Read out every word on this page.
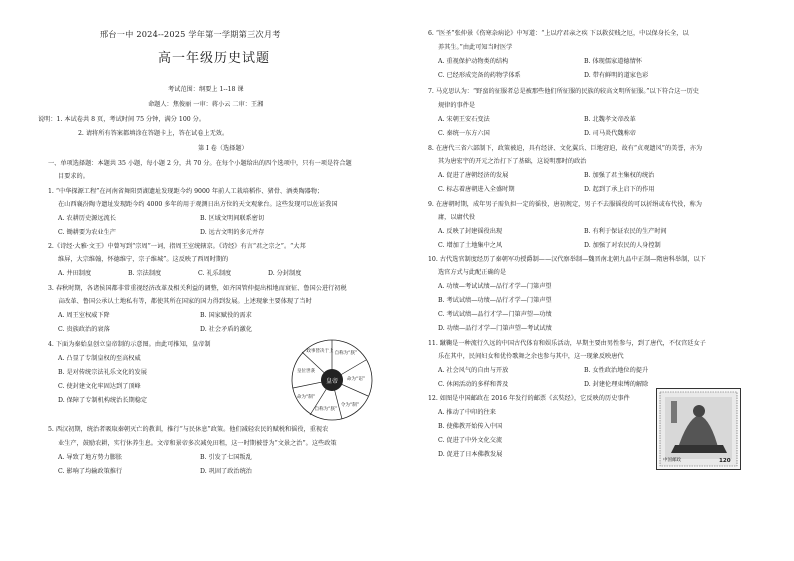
邢台一中 2024--2025 学年第一学期第三次月考
高一年级历史试题
考试范围：纲要上 1--18 课
命题人：焦俊丽 一审：蒋小云 二审：王湘
说明：1. 本试卷共 8 页，考试时间 75 分钟，满分 100 分。
2. 请将所有答案都填涂在答题卡上，答在试卷上无效。
第 I 卷（选择题）
一、单项选择题：本题共 35 小题，每小题 2 分，共 70 分。在每个小题给出的四个选项中，只有一项是符合题
目要求的。
1. “中华探源工程”在河南省舞阳贾湖遗址发现距今约 9000 年前人工栽培稻作、猪骨、酒类陶器物；
在山西襄汾陶寺遗址发现距今约 4000 多年的用于观测日出方位的天文观象台。这些发现可以佐证我国
A. 农耕历史源远流长	B. 区域文明间联系密切
C. 锄耕要为农业生产	D. 远古文明的多元并存
2.《诗经·大雅·文王》中曾写到“宗周”一词，指周王室统辖京。《诗经》有言“君之宗之”。“大邦
维屏，大宗维翰，怀德维宁，宗子维城”。这反映了西周时期的
A. 井田制度	B. 宗法制度	C. 礼乐制度	D. 分封制度
3. 春秋时期，各诸侯国都非常重视经济改革及相关利益的调整，如齐国管仲提出相地而衰征、鲁国公进行初税
亩改革、鲁国公承认土地私有等，都使其所在国家的国力得到发展。上述现象主要体现了当时
A. 周王室权威下降	B. 国家赋役的需求
C. 贵族政治的衰落	D. 社会矛盾的激化
4. 下面为秦始皇创立皇帝制的示意图。由此可推知，皇帝制
A. 凸显了专制皇权的至高权威
B. 是对传统宗法礼乐文化的发展
C. 使封建文化牢固达到了顶峰
D. 保障了专制机构统治长期稳定
皇帝
自称为“朕”
命为“诏”
令为“制”
自称为“朕”
命为“制”
皇位世袭
政事皆决于上
5. 西汉初期，统治者吸取秦朝灭亡的教训，推行“与民休息”政策。他们减轻农民的赋税和徭役，重视农
业生产，鼓励农耕，实行休养生息。文帝和景帝多次减免田租，这一时期被誉为“文景之治”。这些政策
A. 导致了地方势力膨胀	B. 引发了七国叛乱
C. 影响了均输政策推行	D. 巩固了政治统治
6. “医圣”张仲景《伤寒杂病论》中写道：“上以疗君亲之疾 下以救贫贱之厄，中以保身长全，以
养其生。”由此可知当时医学
A. 重视保护动物类的结构	B. 体现儒家道德情怀
C. 已经形成完备的药物学体系	D. 带有鲜明的道家色彩
7. 马克思认为：“野蛮的征服者总是被那些他们所征服的民族的较高文明所征服。”以下符合这一历史
规律的事件是
A. 宋朝王安石变法	B. 北魏孝文帝改革
C. 秦统一东方六国	D. 司马炎代魏称帝
8. 在唐代三省六部制下，政策被迫，具有经济、文化翼兵、巨地窘迫，故有“贞观遗风”的美誉，亦为
其为唐宏宇的开元之治打下了基础，这说明那时的政治
A. 促进了唐朝经济的发展	B. 加强了君主集权的统治
C. 标志着唐朝进入全盛时期	D. 起到了承上启下的作用
9. 在唐朝时期，成年男子需负担一定的徭役，唐初规定，男子不去服徭役的可以折绢或布代役，称为
庸，以庸代役
A. 反映了封建徭役出现	B. 有利于保证农民的生产时间
C. 增加了土地集中之风	D. 加强了对农民的人身控制
10. 古代选官制度经历了秦朝军功授爵制——汉代察举制—魏晋南北朝九品中正制—隋唐科举制，以下
选官方式与此配正确的是
A. 功绩—考试试绩—品行才学—门第声望
B. 考试试绩—功绩—品行才学—门第声望
C. 考试试绩—品行才学—门第声望—功绩
D. 功绩—品行才学—门第声望—考试试绩
11. 蹴鞠是一种流行久远的中国古代体育和娱乐活动，早期主要由男性参与，到了唐代，不仅宫廷女子
乐在其中，民间妇女和优伶歌舞之余也参与其中，这一现象反映唐代
A. 社会风气的自由与开放	B. 女性政治地位的提升
C. 休闲活动的多样和普及	D. 封建伦理束缚的解除
12. 如图是中国邮政在 2016 年发行的邮票《玄奘经》，它反映的历史事件
A. 推动了中印的往来
B. 使佛教开始传入中国
C. 促进了中外文化交流
D. 促进了日本佛教发展
120
中国邮政
